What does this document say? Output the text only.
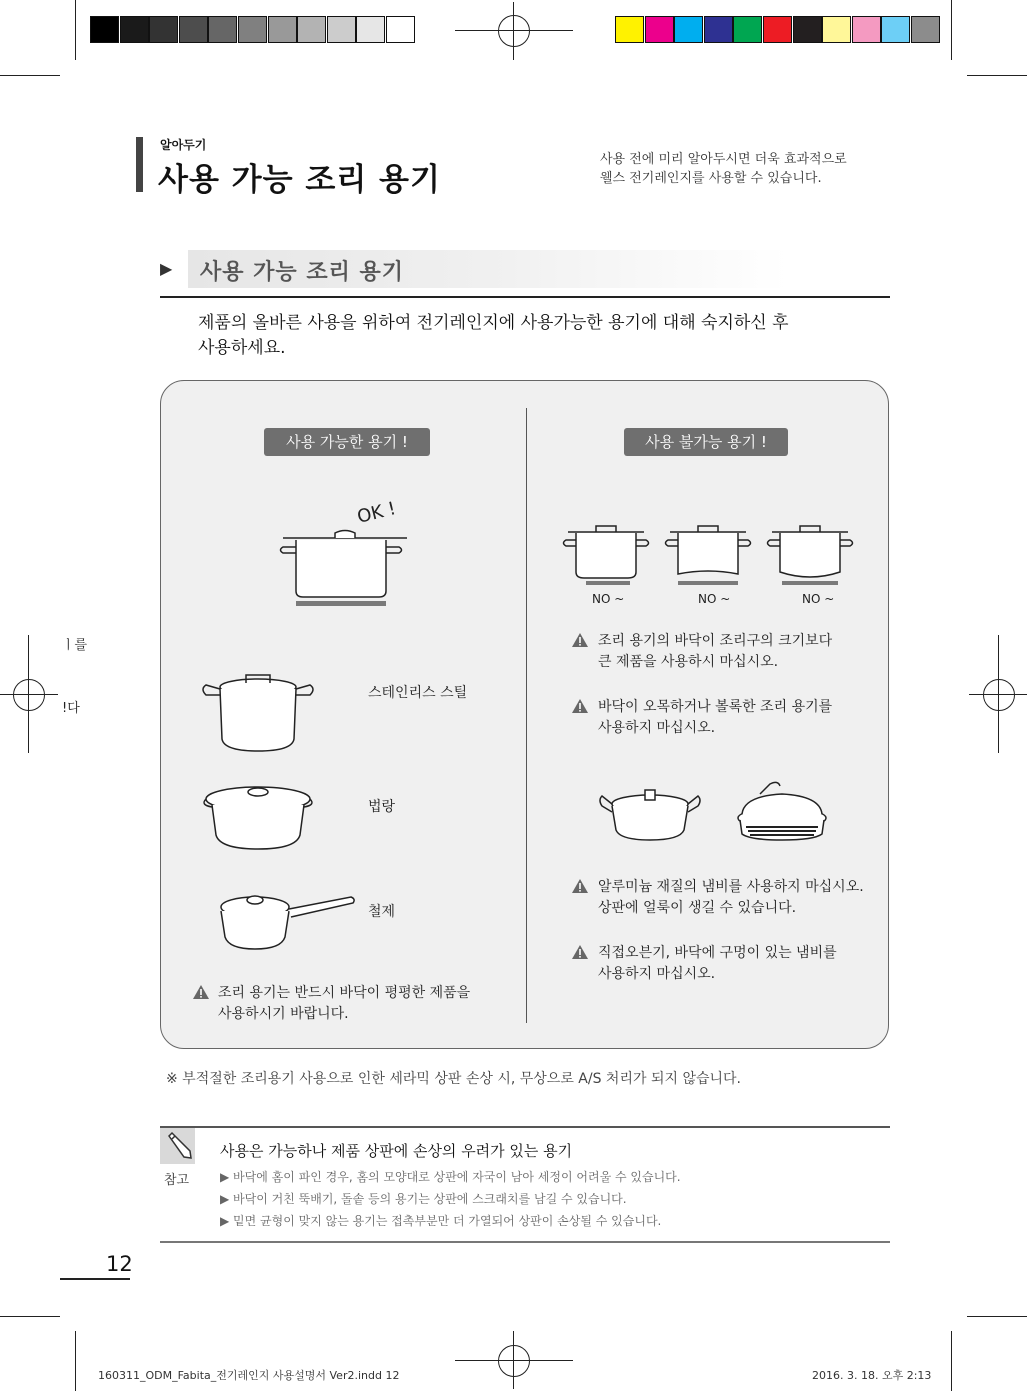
ㅣ를
!다
알아두기
사용 가능 조리 용기
사용 전에 미리 알아두시면 더욱 효과적으로
웰스 전기레인지를 사용할 수 있습니다.
▶ 사용 가능 조리 용기
제품의 올바른 사용을 위하여 전기레인지에 사용가능한 용기에 대해 숙지하신 후
사용하세요.
사용 가능한 용기 !
OK !
스테인리스 스틸
법랑
철제
조리 용기는 반드시 바닥이 평평한 제품을
사용하시기 바랍니다.
사용 불가능 용기 !
NO ~	NO ~	NO ~
조리 용기의 바닥이 조리구의 크기보다
큰 제품을 사용하시 마십시오.
바닥이 오목하거나 볼록한 조리 용기를
사용하지 마십시오.
알루미늄 재질의 냄비를 사용하지 마십시오.
상판에 얼룩이 생길 수 있습니다.
직접오븐기, 바닥에 구멍이 있는 냄비를
사용하지 마십시오.
※ 부적절한 조리용기 사용으로 인한 세라믹 상판 손상 시, 무상으로 A/S 처리가 되지 않습니다.
참고
사용은 가능하나 제품 상판에 손상의 우려가 있는 용기
▶ 바닥에 홈이 파인 경우, 홈의 모양대로 상판에 자국이 남아 세정이 어려울 수 있습니다.
▶ 바닥이 거친 뚝배기, 돌솥 등의 용기는 상판에 스크래치를 남길 수 있습니다.
▶ 밑면 균형이 맞지 않는 용기는 접촉부분만 더 가열되어 상판이 손상될 수 있습니다.
12
160311_ODM_Fabita_전기레인지 사용설명서 Ver2.indd 12	2016. 3. 18. 오후 2:13
